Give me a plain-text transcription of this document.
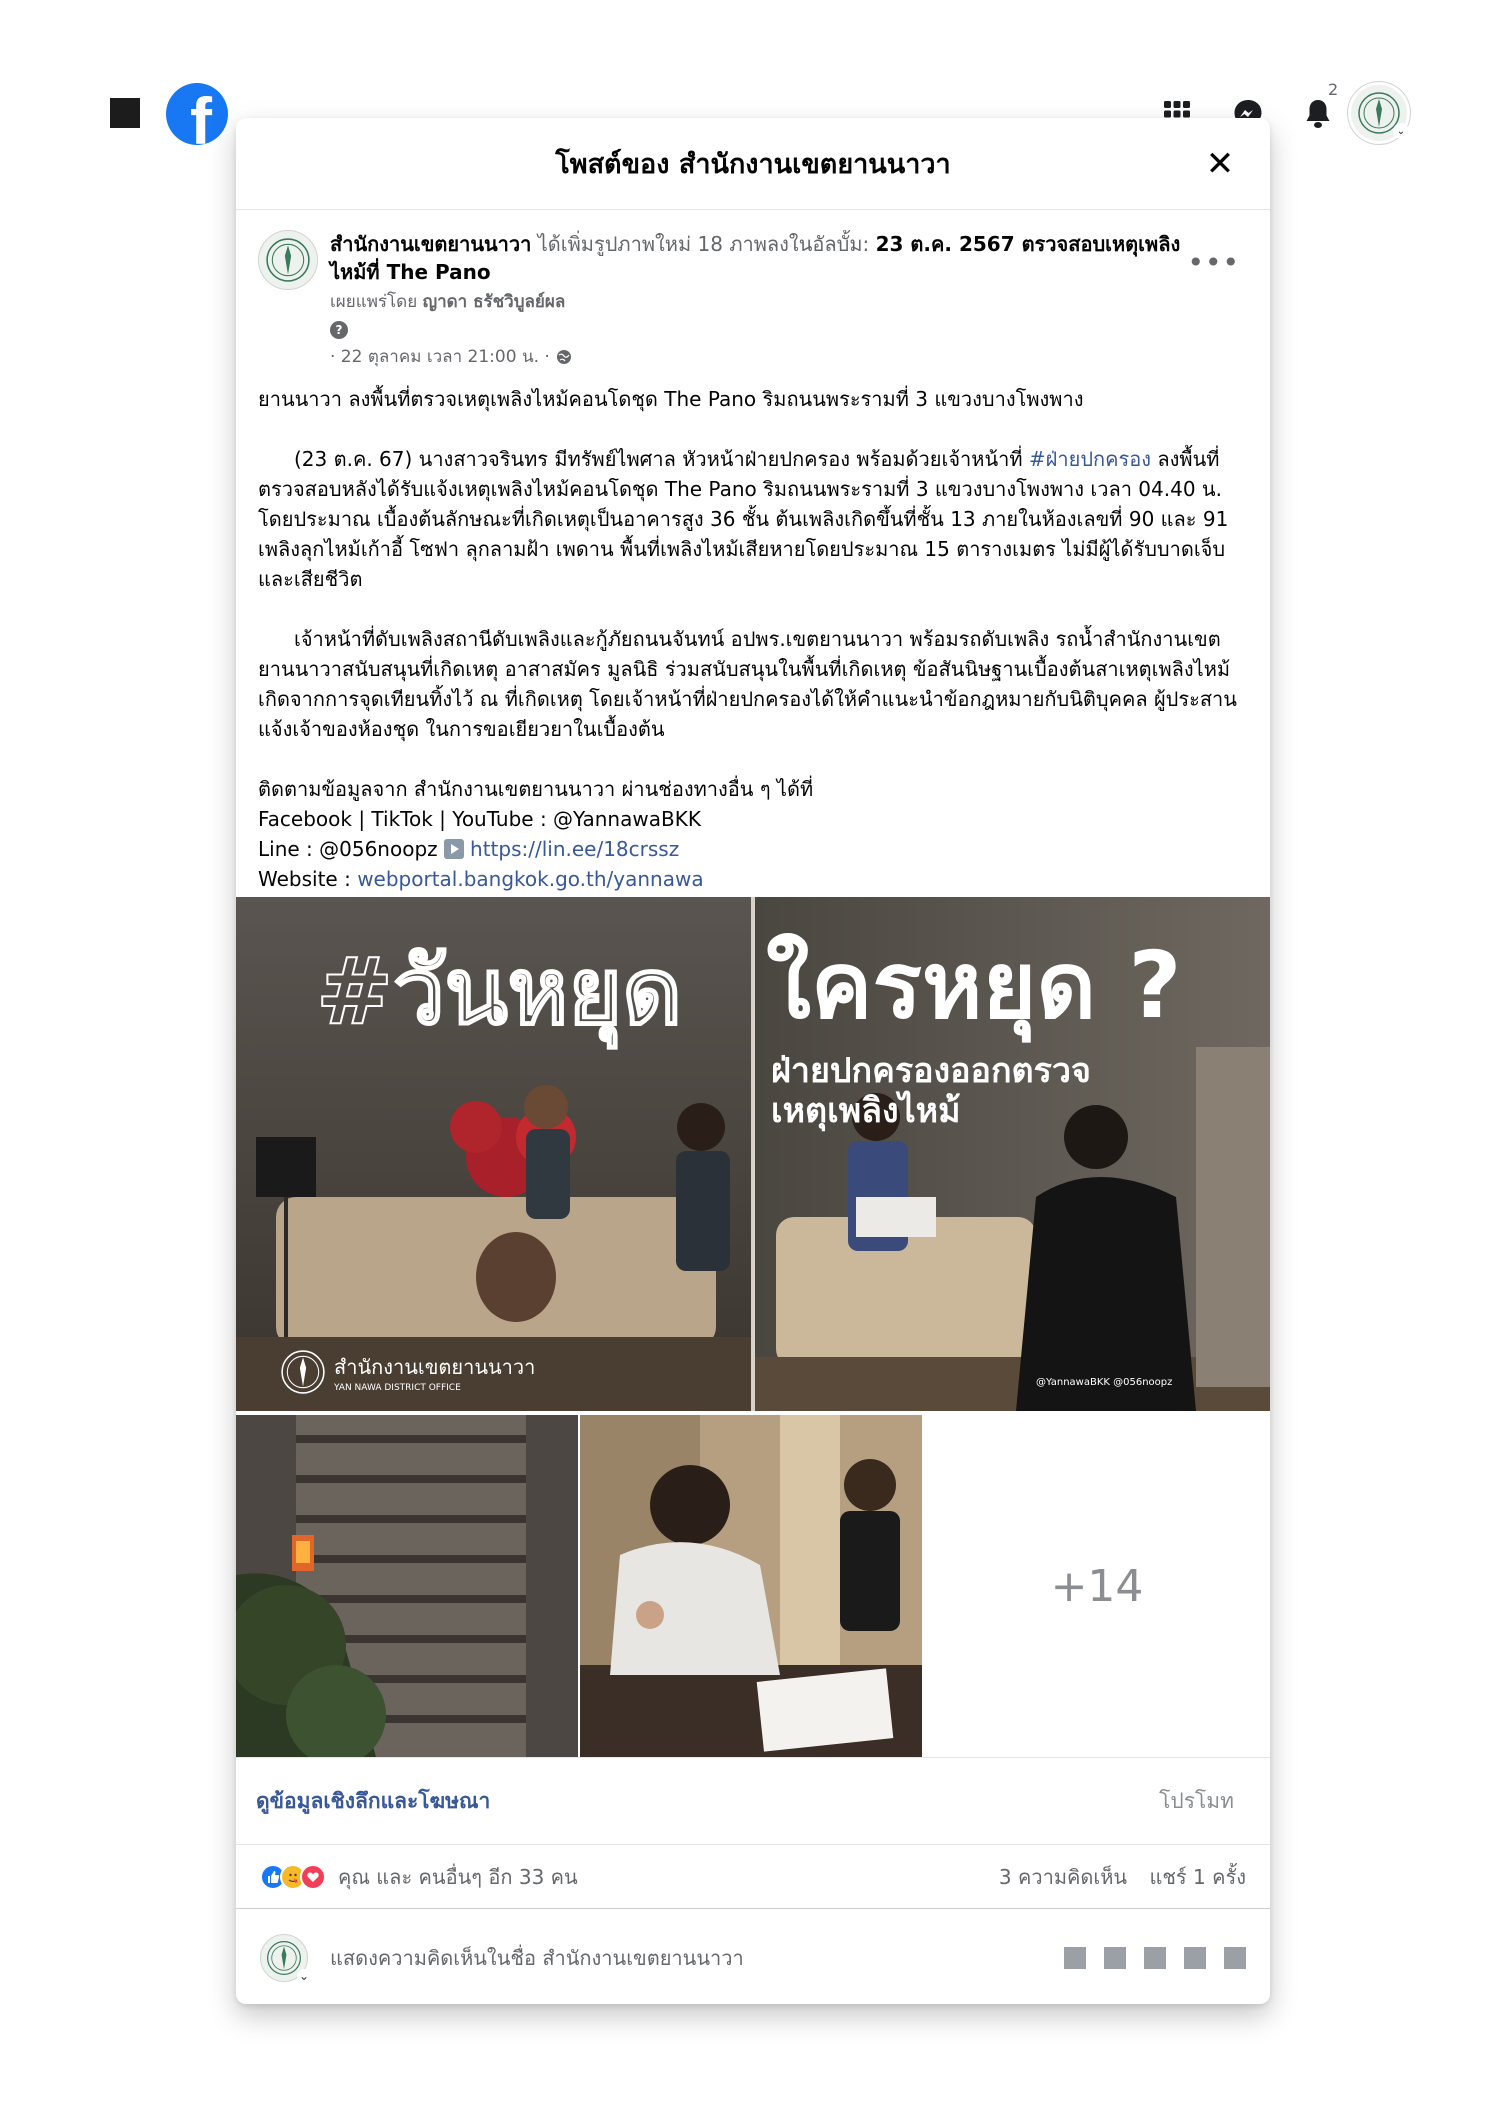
f	2
⌄
โพสต์ของ สำนักงานเขตยานนาวา	✕
สำนักงานเขตยานนาวา ได้เพิ่มรูปภาพใหม่ 18 ภาพลงในอัลบั้ม: 23 ต.ค. 2567 ตรวจสอบเหตุเพลิงไหม้ที่ The Pano
เผยแพร่โดย ญาดา ธรัชวิบูลย์ผล
?
· 22 ตุลาคม เวลา 21:00 น. ·
•••

ยานนาวา ลงพื้นที่ตรวจเหตุเพลิงไหม้คอนโดชุด The Pano ริมถนนพระรามที่ 3 แขวงบางโพงพาง

(23 ต.ค. 67) นางสาวจรินทร มีทรัพย์ไพศาล หัวหน้าฝ่ายปกครอง พร้อมด้วยเจ้าหน้าที่ #ฝ่ายปกครอง ลงพื้นที่ตรวจสอบหลังได้รับแจ้งเหตุเพลิงไหม้คอนโดชุด The Pano ริมถนนพระรามที่ 3 แขวงบางโพงพาง เวลา 04.40 น. โดยประมาณ เบื้องต้นลักษณะที่เกิดเหตุเป็นอาคารสูง 36 ชั้น ต้นเพลิงเกิดขึ้นที่ชั้น 13 ภายในห้องเลขที่ 90 และ 91 เพลิงลุกไหม้เก้าอี้ โซฟา ลุกลามฝ้า เพดาน พื้นที่เพลิงไหม้เสียหายโดยประมาณ 15 ตารางเมตร ไม่มีผู้ได้รับบาดเจ็บและเสียชีวิต

เจ้าหน้าที่ดับเพลิงสถานีดับเพลิงและกู้ภัยถนนจันทน์ อปพร.เขตยานนาวา พร้อมรถดับเพลิง รถน้ำสำนักงานเขตยานนาวาสนับสนุนที่เกิดเหตุ อาสาสมัคร มูลนิธิ ร่วมสนับสนุนในพื้นที่เกิดเหตุ ข้อสันนิษฐานเบื้องต้นสาเหตุเพลิงไหม้เกิดจากการจุดเทียนทิ้งไว้ ณ ที่เกิดเหตุ โดยเจ้าหน้าที่ฝ่ายปกครองได้ให้คำแนะนำข้อกฎหมายกับนิติบุคคล ผู้ประสานแจ้งเจ้าของห้องชุด ในการขอเยียวยาในเบื้องต้น

ติดตามข้อมูลจาก สำนักงานเขตยานนาวา ผ่านช่องทางอื่น ๆ ได้ที่

Facebook | TikTok | YouTube : @YannawaBKK

Line : @056noopz
https://lin.ee/18crssz

Website : webportal.bangkok.go.th/yannawa

#วันหยุด ใครหยุด ?
ฝ่ายปกครองออกตรวจ
เหตุเพลิงไหม้
สำนักงานเขตยานนาวา
YAN NAWA DISTRICT OFFICE	@YannawaBKK @056noopz
+14
ดูข้อมูลเชิงลึกและโฆษณา	โปรโมท
คุณ และ คนอื่นๆ อีก 33 คน	3 ความคิดเห็น แชร์ 1 ครั้ง
⌄
แสดงความคิดเห็นในชื่อ สำนักงานเขตยานนาวา
